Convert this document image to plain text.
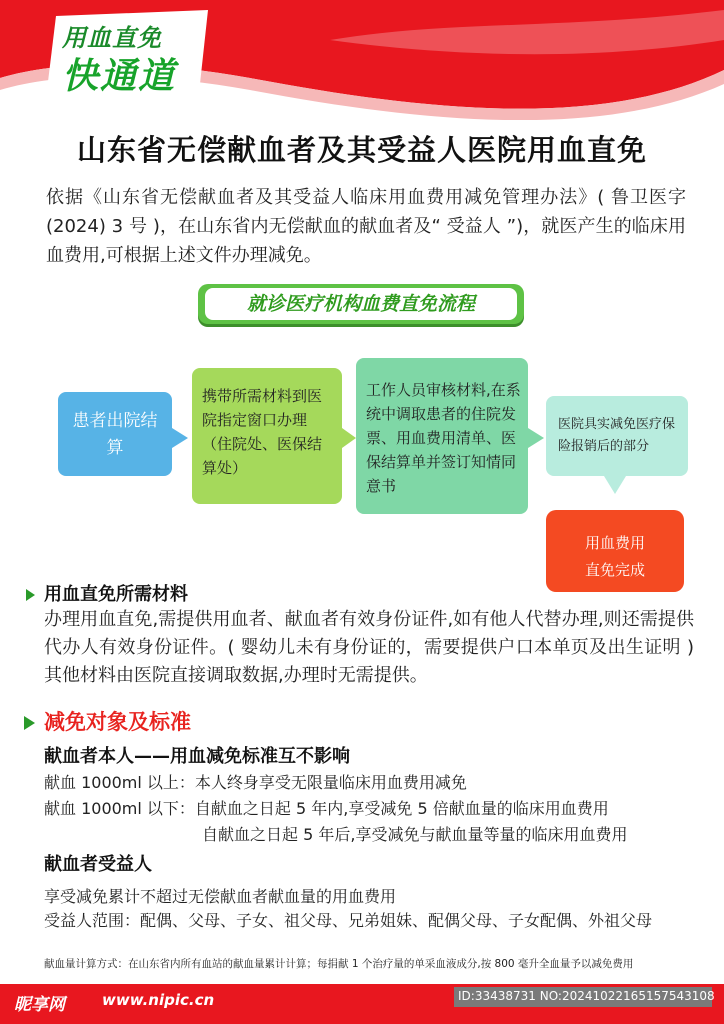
用血直免
快通道
山东省无偿献血者及其受益人医院用血直免
依据《山东省无偿献血者及其受益人临床用血费用减免管理办法》( 鲁卫医字 (2024) 3 号 )，在山东省内无偿献血的献血者及“ 受益人 ”)，就医产生的临床用血费用,可根据上述文件办理减免。
就诊医疗机构血费直免流程
患者出院结算
携带所需材料到医院指定窗口办理（住院处、医保结算处）
工作人员审核材料,在系统中调取患者的住院发票、用血费用清单、医保结算单并签订知情同意书
医院具实减免医疗保险报销后的部分
用血费用
直免完成
用血直免所需材料
办理用血直免,需提供用血者、献血者有效身份证件,如有他人代替办理,则还需提供代办人有效身份证件。( 婴幼儿未有身份证的，需要提供户口本单页及出生证明 ) 其他材料由医院直接调取数据,办理时无需提供。
减免对象及标准
献血者本人——用血减免标准互不影响
献血 1000ml 以上：本人终身享受无限量临床用血费用减免
献血 1000ml 以下：自献血之日起 5 年内,享受减免 5 倍献血量的临床用血费用
自献血之日起 5 年后,享受减免与献血量等量的临床用血费用
献血者受益人
享受减免累计不超过无偿献血者献血量的用血费用
受益人范围：配偶、父母、子女、祖父母、兄弟姐妹、配偶父母、子女配偶、外祖父母
献血量计算方式：在山东省内所有血站的献血量累计计算；每捐献 1 个治疗量的单采血液成分,按 800 毫升全血量予以减免费用
昵享网 www.nipic.cn	ID:33438731 NO:20241022165157543108
